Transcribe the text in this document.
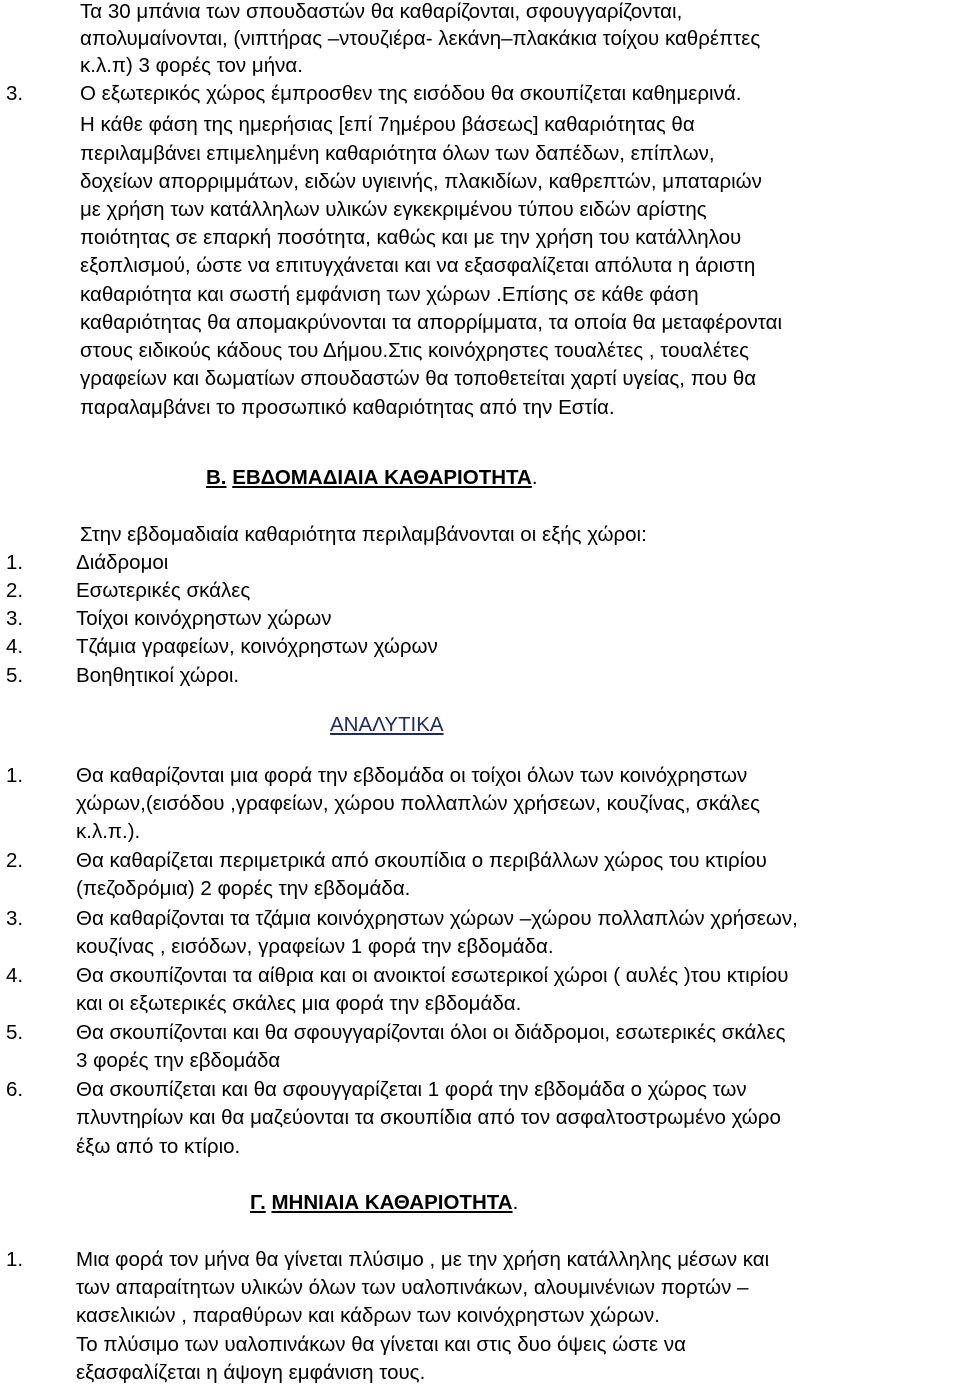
Τα 30 μπάνια των σπουδαστών θα καθαρίζονται, σφουγγαρίζονται,
απολυμαίνονται, (νιπτήρας –ντουζιέρα- λεκάνη–πλακάκια τοίχου καθρέπτες
κ.λ.π) 3 φορές τον μήνα.
3.	Ο εξωτερικός χώρος έμπροσθεν της εισόδου θα σκουπίζεται καθημερινά.
Η κάθε φάση της ημερήσιας [επί 7ημέρου βάσεως] καθαριότητας θα
περιλαμβάνει επιμελημένη καθαριότητα όλων των δαπέδων, επίπλων,
δοχείων απορριμμάτων, ειδών υγιεινής, πλακιδίων, καθρεπτών, μπαταριών
με χρήση των κατάλληλων υλικών εγκεκριμένου τύπου ειδών αρίστης
ποιότητας σε επαρκή ποσότητα, καθώς και με την χρήση του κατάλληλου
εξοπλισμού, ώστε να επιτυγχάνεται και να εξασφαλίζεται απόλυτα η άριστη
καθαριότητα και σωστή εμφάνιση των χώρων .Επίσης σε κάθε φάση
καθαριότητας θα απομακρύνονται τα απορρίμματα, τα οποία θα μεταφέρονται
στους ειδικούς κάδους του Δήμου.Στις κοινόχρηστες τουαλέτες , τουαλέτες
γραφείων και δωματίων σπουδαστών θα τοποθετείται χαρτί υγείας, που θα
παραλαμβάνει το προσωπικό καθαριότητας από την Εστία.
Β. ΕΒΔΟΜΑΔΙΑΙΑ ΚΑΘΑΡΙΟΤΗΤΑ.
Στην εβδομαδιαία καθαριότητα περιλαμβάνονται οι εξής χώροι:
1.	Διάδρομοι
2.	Εσωτερικές σκάλες
3.	Τοίχοι κοινόχρηστων χώρων
4.	Τζάμια γραφείων, κοινόχρηστων χώρων
5.	Βοηθητικοί χώροι.
ΑΝΑΛΥΤΙΚΑ
1.	Θα καθαρίζονται μια φορά την εβδομάδα οι τοίχοι όλων των κοινόχρηστων
χώρων,(εισόδου ,γραφείων, χώρου πολλαπλών χρήσεων, κουζίνας, σκάλες
κ.λ.π.).
2.	Θα καθαρίζεται περιμετρικά από σκουπίδια ο περιβάλλων χώρος του κτιρίου
(πεζοδρόμια) 2 φορές την εβδομάδα.
3.	Θα καθαρίζονται τα τζάμια κοινόχρηστων χώρων –χώρου πολλαπλών χρήσεων,
κουζίνας , εισόδων, γραφείων 1 φορά την εβδομάδα.
4.	Θα σκουπίζονται τα αίθρια και οι ανοικτοί εσωτερικοί χώροι ( αυλές )του κτιρίου
και οι εξωτερικές σκάλες μια φορά την εβδομάδα.
5.	Θα σκουπίζονται και θα σφουγγαρίζονται όλοι οι διάδρομοι, εσωτερικές σκάλες
3 φορές την εβδομάδα
6.	Θα σκουπίζεται και θα σφουγγαρίζεται 1 φορά την εβδομάδα ο χώρος των
πλυντηρίων και θα μαζεύονται τα σκουπίδια από τον ασφαλτοστρωμένο χώρο
έξω από το κτίριο.
Γ. ΜΗΝΙΑΙΑ ΚΑΘΑΡΙΟΤΗΤΑ.
1.	Μια φορά τον μήνα θα γίνεται πλύσιμο , με την χρήση κατάλληλης μέσων και
των απαραίτητων υλικών όλων των υαλοπινάκων, αλουμινένιων πορτών –
κασελικιών , παραθύρων και κάδρων των κοινόχρηστων χώρων.
Το πλύσιμο των υαλοπινάκων θα γίνεται και στις δυο όψεις ώστε να
εξασφαλίζεται η άψογη εμφάνιση τους.
